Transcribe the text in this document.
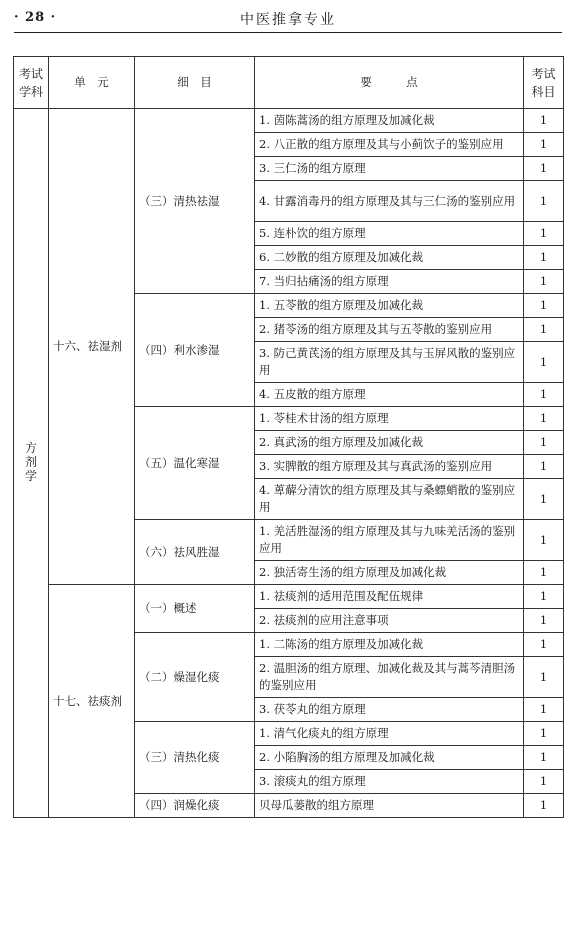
· 28 ·	中医推拿专业
考试学科	单　元	细　目	要　　　点	考试科目
方剂学	十六、祛湿剂	（三）清热祛湿	1. 茵陈蒿汤的组方原理及加减化裁	1
			2. 八正散的组方原理及其与小蓟饮子的鉴别应用	1
			3. 三仁汤的组方原理	1
			4. 甘露消毒丹的组方原理及其与三仁汤的鉴别应用	1
			5. 连朴饮的组方原理	1
			6. 二妙散的组方原理及加减化裁	1
			7. 当归拈痛汤的组方原理	1
		（四）利水渗湿	1. 五苓散的组方原理及加减化裁	1
			2. 猪苓汤的组方原理及其与五苓散的鉴别应用	1
			3. 防己黄芪汤的组方原理及其与玉屏风散的鉴别应用	1
			4. 五皮散的组方原理	1
		（五）温化寒湿	1. 苓桂术甘汤的组方原理	1
			2. 真武汤的组方原理及加减化裁	1
			3. 实脾散的组方原理及其与真武汤的鉴别应用	1
			4. 萆薢分清饮的组方原理及其与桑螵蛸散的鉴别应用	1
		（六）祛风胜湿	1. 羌活胜湿汤的组方原理及其与九味羌活汤的鉴别应用	1
			2. 独活寄生汤的组方原理及加减化裁	1
	十七、祛痰剂	（一）概述	1. 祛痰剂的适用范围及配伍规律	1
			2. 祛痰剂的应用注意事项	1
		（二）燥湿化痰	1. 二陈汤的组方原理及加减化裁	1
			2. 温胆汤的组方原理、加减化裁及其与蒿芩清胆汤的鉴别应用	1
			3. 茯苓丸的组方原理	1
		（三）清热化痰	1. 清气化痰丸的组方原理	1
			2. 小陷胸汤的组方原理及加减化裁	1
			3. 滚痰丸的组方原理	1
		（四）润燥化痰	贝母瓜蒌散的组方原理	1
